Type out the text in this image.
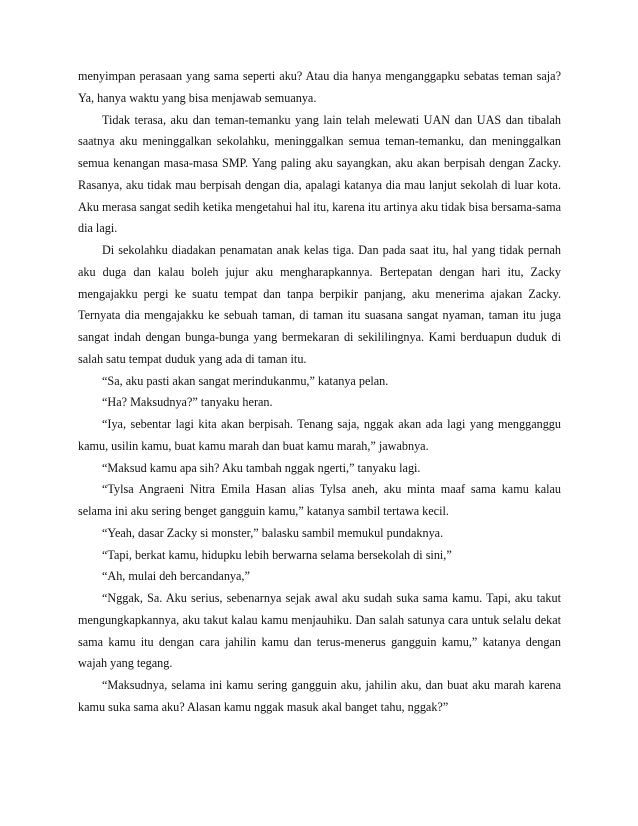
menyimpan perasaan yang sama seperti aku? Atau dia hanya menganggapku sebatas teman saja? Ya, hanya waktu yang bisa menjawab semuanya.

Tidak terasa, aku dan teman-temanku yang lain telah melewati UAN dan UAS dan tibalah saatnya aku meninggalkan sekolahku, meninggalkan semua teman-temanku, dan meninggalkan semua kenangan masa-masa SMP. Yang paling aku sayangkan, aku akan berpisah dengan Zacky. Rasanya, aku tidak mau berpisah dengan dia, apalagi katanya dia mau lanjut sekolah di luar kota. Aku merasa sangat sedih ketika mengetahui hal itu, karena itu artinya aku tidak bisa bersama-sama dia lagi.

Di sekolahku diadakan penamatan anak kelas tiga. Dan pada saat itu, hal yang tidak pernah aku duga dan kalau boleh jujur aku mengharapkannya. Bertepatan dengan hari itu, Zacky mengajakku pergi ke suatu tempat dan tanpa berpikir panjang, aku menerima ajakan Zacky. Ternyata dia mengajakku ke sebuah taman, di taman itu suasana sangat nyaman, taman itu juga sangat indah dengan bunga-bunga yang bermekaran di sekililingnya. Kami berduapun duduk di salah satu tempat duduk yang ada di taman itu.

“Sa, aku pasti akan sangat merindukanmu,” katanya pelan.

“Ha? Maksudnya?” tanyaku heran.

“Iya, sebentar lagi kita akan berpisah. Tenang saja, nggak akan ada lagi yang mengganggu kamu, usilin kamu, buat kamu marah dan buat kamu marah,” jawabnya.

“Maksud kamu apa sih? Aku tambah nggak ngerti,” tanyaku lagi.

“Tylsa Angraeni Nitra Emila Hasan alias Tylsa aneh, aku minta maaf sama kamu kalau selama ini aku sering benget gangguin kamu,” katanya sambil tertawa kecil.

“Yeah, dasar Zacky si monster,” balasku sambil memukul pundaknya.

“Tapi, berkat kamu, hidupku lebih berwarna selama bersekolah di sini,”

“Ah, mulai deh bercandanya,”

“Nggak, Sa. Aku serius, sebenarnya sejak awal aku sudah suka sama kamu. Tapi, aku takut mengungkapkannya, aku takut kalau kamu menjauhiku. Dan salah satunya cara untuk selalu dekat sama kamu itu dengan cara jahilin kamu dan terus-menerus gangguin kamu,” katanya dengan wajah yang tegang.

“Maksudnya, selama ini kamu sering gangguin aku, jahilin aku, dan buat aku marah karena kamu suka sama aku? Alasan kamu nggak masuk akal banget tahu, nggak?”
